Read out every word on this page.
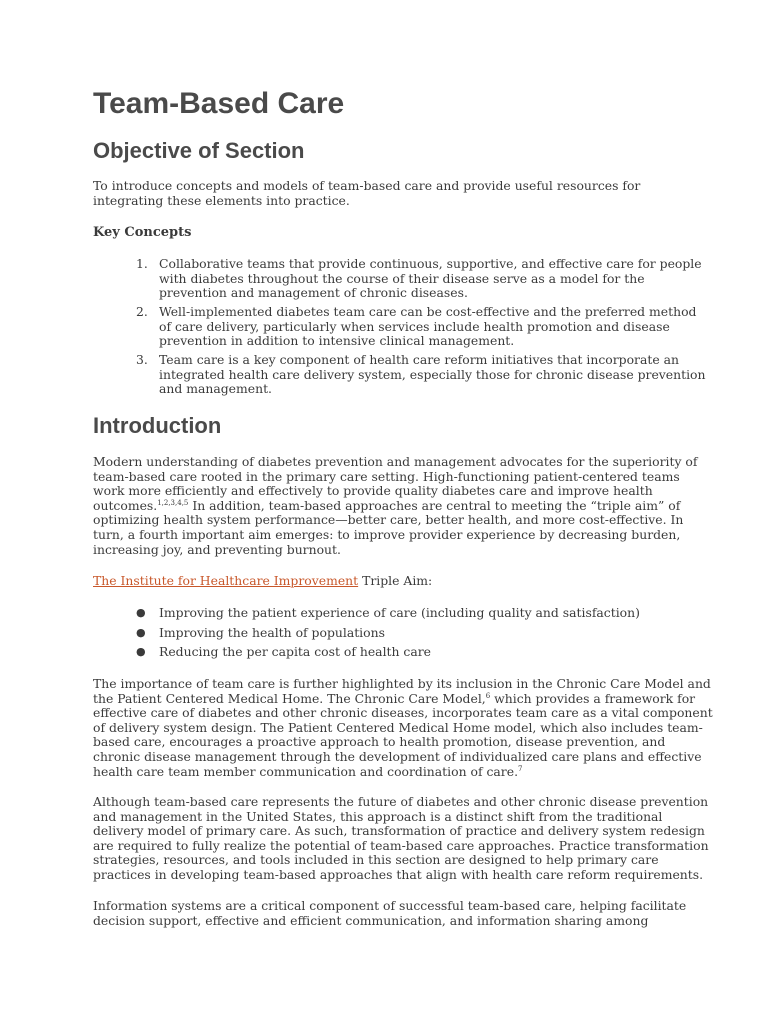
Team-Based Care
Objective of Section

To introduce concepts and models of team-based care and provide useful resources for
integrating these elements into practice.

Key Concepts
1. Collaborative teams that provide continuous, supportive, and effective care for people
with diabetes throughout the course of their disease serve as a model for the
prevention and management of chronic diseases.
2. Well-implemented diabetes team care can be cost-effective and the preferred method
of care delivery, particularly when services include health promotion and disease
prevention in addition to intensive clinical management.
3. Team care is a key component of health care reform initiatives that incorporate an
integrated health care delivery system, especially those for chronic disease prevention
and management.
Introduction

Modern understanding of diabetes prevention and management advocates for the superiority of
team-based care rooted in the primary care setting. High-functioning patient-centered teams
work more efficiently and effectively to provide quality diabetes care and improve health
outcomes.$^{1,2,3,4,5}$ In addition, team-based approaches are central to meeting the “triple aim” of
optimizing health system performance—better care, better health, and more cost-effective. In
turn, a fourth important aim emerges: to improve provider experience by decreasing burden,
increasing joy, and preventing burnout.

The Institute for Healthcare Improvement Triple Aim:

● Improving the patient experience of care (including quality and satisfaction)
● Improving the health of populations
● Reducing the per capita cost of health care

The importance of team care is further highlighted by its inclusion in the Chronic Care Model and
the Patient Centered Medical Home. The Chronic Care Model,$^6$ which provides a framework for
effective care of diabetes and other chronic diseases, incorporates team care as a vital component
of delivery system design. The Patient Centered Medical Home model, which also includes team-
based care, encourages a proactive approach to health promotion, disease prevention, and
chronic disease management through the development of individualized care plans and effective
health care team member communication and coordination of care.$^7$

Although team-based care represents the future of diabetes and other chronic disease prevention
and management in the United States, this approach is a distinct shift from the traditional
delivery model of primary care. As such, transformation of practice and delivery system redesign
are required to fully realize the potential of team-based care approaches. Practice transformation
strategies, resources, and tools included in this section are designed to help primary care
practices in developing team-based approaches that align with health care reform requirements.

Information systems are a critical component of successful team-based care, helping facilitate
decision support, effective and efficient communication, and information sharing among
